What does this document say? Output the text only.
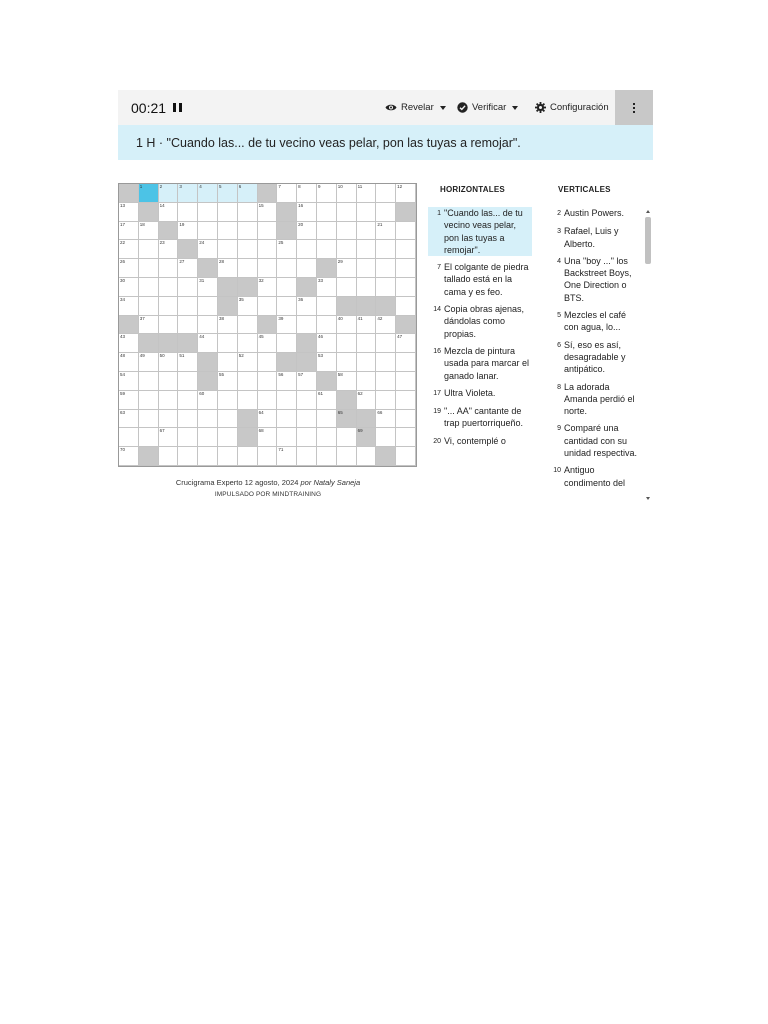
00:21	Revelar	Verificar	Configuración
1 H · "Cuando las... de tu vecino veas pelar, pon las tuyas a remojar".
1	2	3	4	5	6	7	8	9	10	11	12
13	14	15	16
17	18	19	20	21
22	23	24	25
26	27	28	29
30	31	32	33
34	35	36
37	38	39	40	41	42
43	44	45	46	47
48	49	50	51	52	53
54	55	56	57	58
59	60	61	62
63	64	65	66
67	68	69
70	71
Crucigrama Experto 12 agosto, 2024 por Nataly Saneja
IMPULSADO POR MINDTRAINING
HORIZONTALES
1 "Cuando las... de tu vecino veas pelar, pon las tuyas a remojar".
7 El colgante de piedra tallado está en la cama y es feo.
14 Copia obras ajenas, dándolas como propias.
16 Mezcla de pintura usada para marcar el ganado lanar.
17 Ultra Violeta.
19 "... AA" cantante de trap puertorriqueño.
20 Vi, contemplé o
VERTICALES
2 Austin Powers.
3 Rafael, Luis y Alberto.
4 Una "boy ..." los Backstreet Boys, One Direction o BTS.
5 Mezcles el café con agua, lo...
6 Sí, eso es así, desagradable y antipático.
8 La adorada Amanda perdió el norte.
9 Comparé una cantidad con su unidad respectiva.
10 Antiguo condimento del
